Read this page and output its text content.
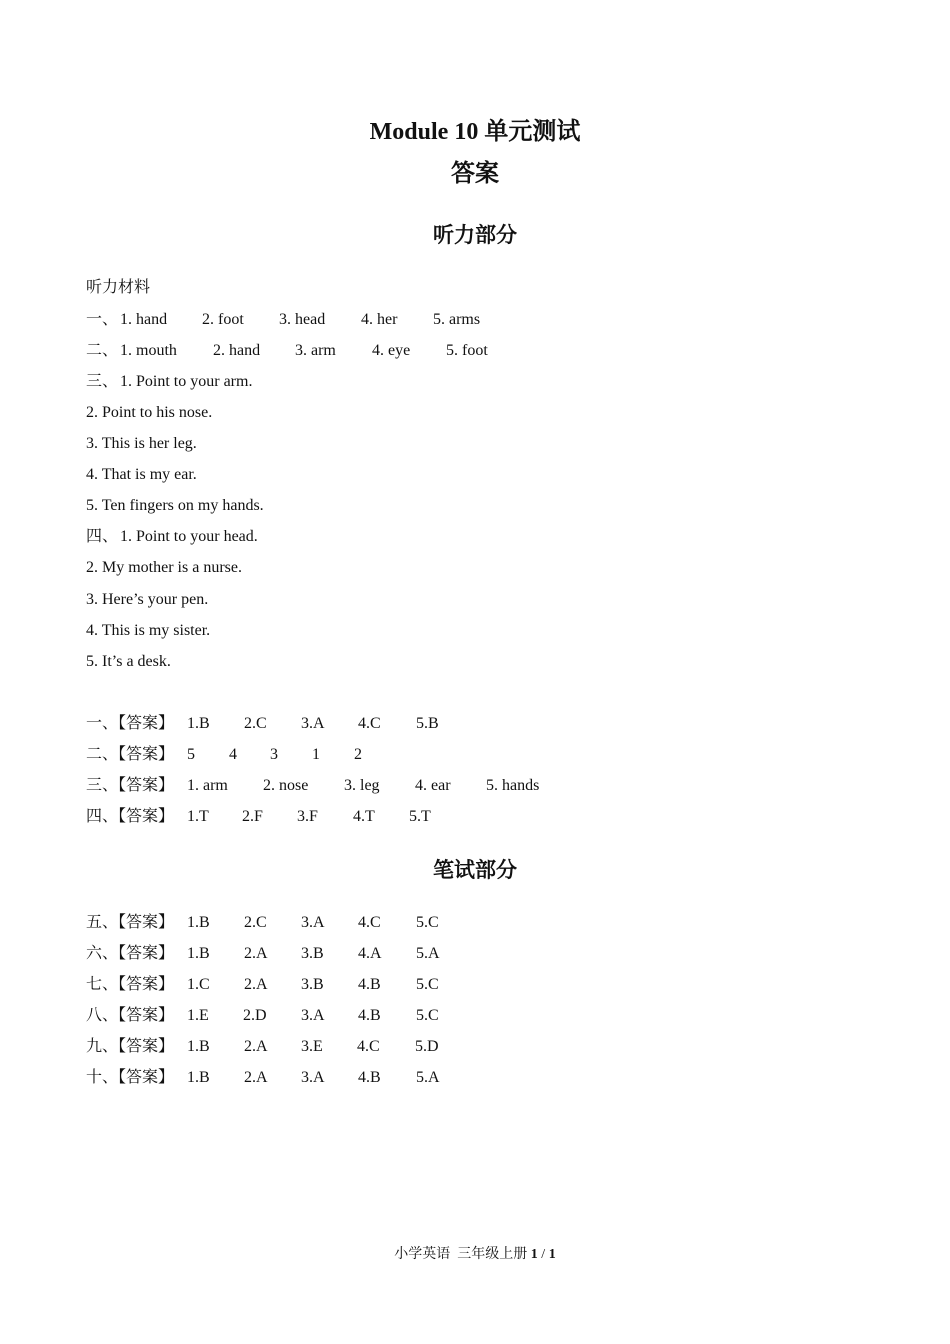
Module 10 单元测试
答案
听力部分
听力材料
一、 1. hand 2. foot 3. head 4. her 5. arms
二、 1. mouth 2. hand 3. arm 4. eye 5. foot
三、 1. Point to your arm.
2. Point to his nose.
3. This is her leg.
4. That is my ear.
5. Ten fingers on my hands.
四、 1. Point to your head.
2. My mother is a nurse.
3. Here’s your pen.
4. This is my sister.
5. It’s a desk.
一、【答案】 1.B 2.C 3.A 4.C 5.B
二、【答案】 5 4 3 1 2
三、【答案】 1. arm 2. nose 3. leg 4. ear 5. hands
四、【答案】 1.T 2.F 3.F 4.T 5.T
笔试部分
五、【答案】 1.B 2.C 3.A 4.C 5.C
六、【答案】 1.B 2.A 3.B 4.A 5.A
七、【答案】 1.C 2.A 3.B 4.B 5.C
八、【答案】 1.E 2.D 3.A 4.B 5.C
九、【答案】 1.B 2.A 3.E 4.C 5.D
十、【答案】 1.B 2.A 3.A 4.B 5.A
小学英语  三年级上册 1 / 1
